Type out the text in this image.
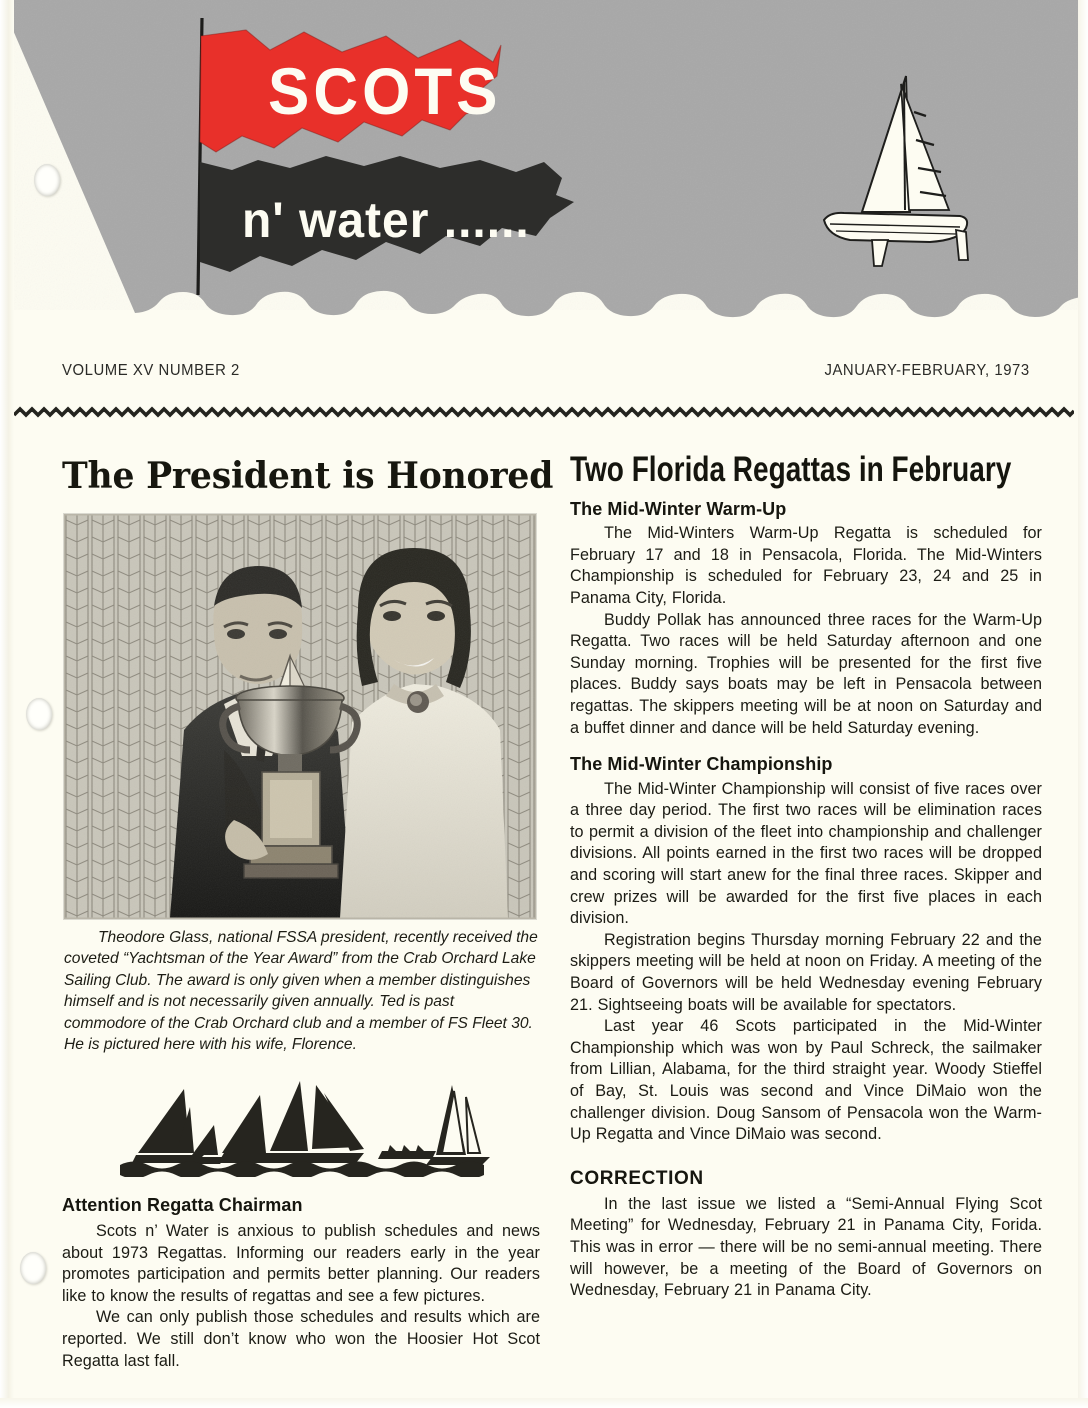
SCOTS
n' water ......
VOLUME XV NUMBER 2	JANUARY-FEBRUARY, 1973
The President is Honored
Theodore Glass, national FSSA president, recently received the coveted “Yachtsman of the Year Award” from the Crab Orchard Lake Sailing Club. The award is only given when a member distinguishes himself and is not necessarily given annually. Ted is past commodore of the Crab Orchard club and a member of FS Fleet 30. He is pictured here with his wife, Florence.
Attention Regatta Chairman

Scots n’ Water is anxious to publish schedules and news about 1973 Regattas. Informing our readers early in the year promotes participation and permits better planning. Our readers like to know the results of regattas and see a few pictures.

We can only publish those schedules and results which are reported. We still don’t know who won the Hoosier Hot Scot Regatta last fall.

Two Florida Regattas in February
The Mid-Winter Warm-Up

The Mid-Winters Warm-Up Regatta is scheduled for February 17 and 18 in Pensacola, Florida. The Mid-Winters Championship is scheduled for February 23, 24 and 25 in Panama City, Florida.

Buddy Pollak has announced three races for the Warm-Up Regatta. Two races will be held Saturday afternoon and one Sunday morning. Trophies will be presented for the first five places. Buddy says boats may be left in Pensacola between regattas. The skippers meeting will be at noon on Saturday and a buffet dinner and dance will be held Saturday evening.

The Mid-Winter Championship

The Mid-Winter Championship will consist of five races over a three day period. The first two races will be elimination races to permit a division of the fleet into championship and challenger divisions. All points earned in the first two races will be dropped and scoring will start anew for the final three races. Skipper and crew prizes will be awarded for the first five places in each division.

Registration begins Thursday morning February 22 and the skippers meeting will be held at noon on Friday. A meeting of the Board of Governors will be held Wednesday evening February 21. Sightseeing boats will be available for spectators.

Last year 46 Scots participated in the Mid-Winter Championship which was won by Paul Schreck, the sailmaker from Lillian, Alabama, for the third straight year. Woody Stieffel of Bay, St. Louis was second and Vince DiMaio won the challenger division. Doug Sansom of Pensacola won the Warm-Up Regatta and Vince DiMaio was second.

CORRECTION

In the last issue we listed a “Semi-Annual Flying Scot Meeting” for Wednesday, February 21 in Panama City, Forida. This was in error — there will be no semi-annual meeting. There will however, be a meeting of the Board of Governors on Wednesday, February 21 in Panama City.
